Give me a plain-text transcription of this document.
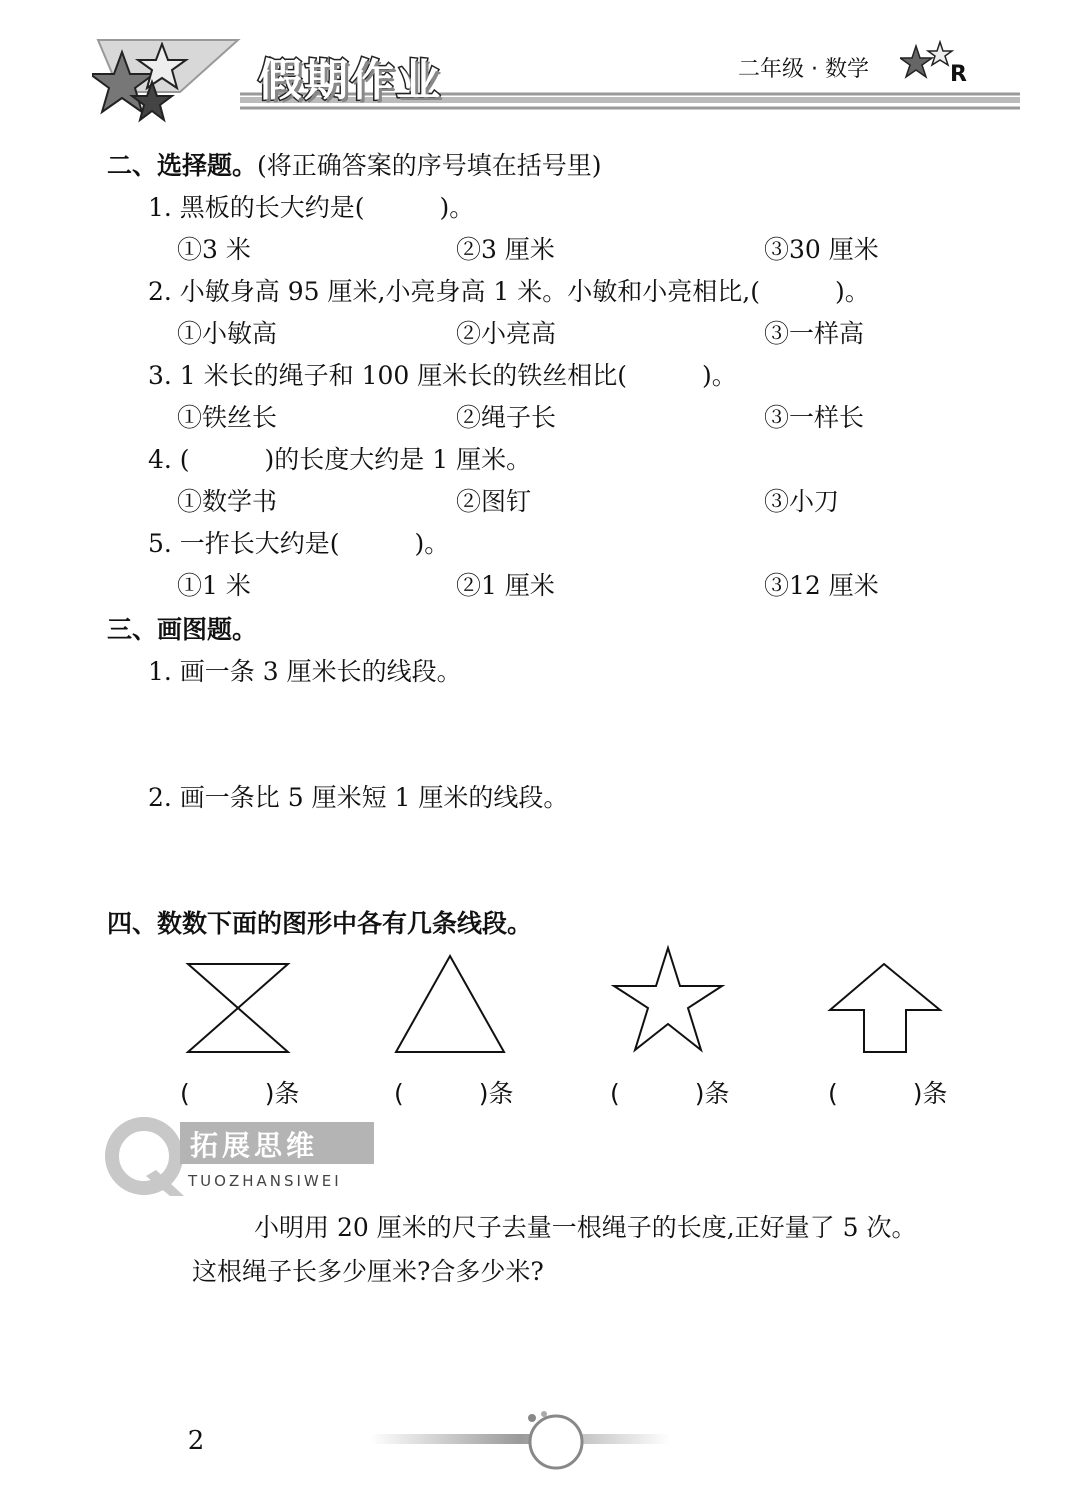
假期作业	二年级 · 数学	R
二、选择题。(将正确答案的序号填在括号里)
1. 黑板的长大约是(　　　)。
①3 米	②3 厘米	③30 厘米
2. 小敏身高 95 厘米,小亮身高 1 米。小敏和小亮相比,(　　　)。
①小敏高	②小亮高	③一样高
3. 1 米长的绳子和 100 厘米长的铁丝相比(　　　)。
①铁丝长	②绳子长	③一样长
4. (　　　)的长度大约是 1 厘米。
①数学书	②图钉	③小刀
5. 一拃长大约是(　　　)。
①1 米	②1 厘米	③12 厘米
三、画图题。
1. 画一条 3 厘米长的线段。
2. 画一条比 5 厘米短 1 厘米的线段。
四、数数下面的图形中各有几条线段。
(　　　)条	(　　　)条	(　　　)条	(　　　)条
拓展思维
TUOZHANSIWEI
小明用 20 厘米的尺子去量一根绳子的长度,正好量了 5 次。
这根绳子长多少厘米?合多少米?
2
